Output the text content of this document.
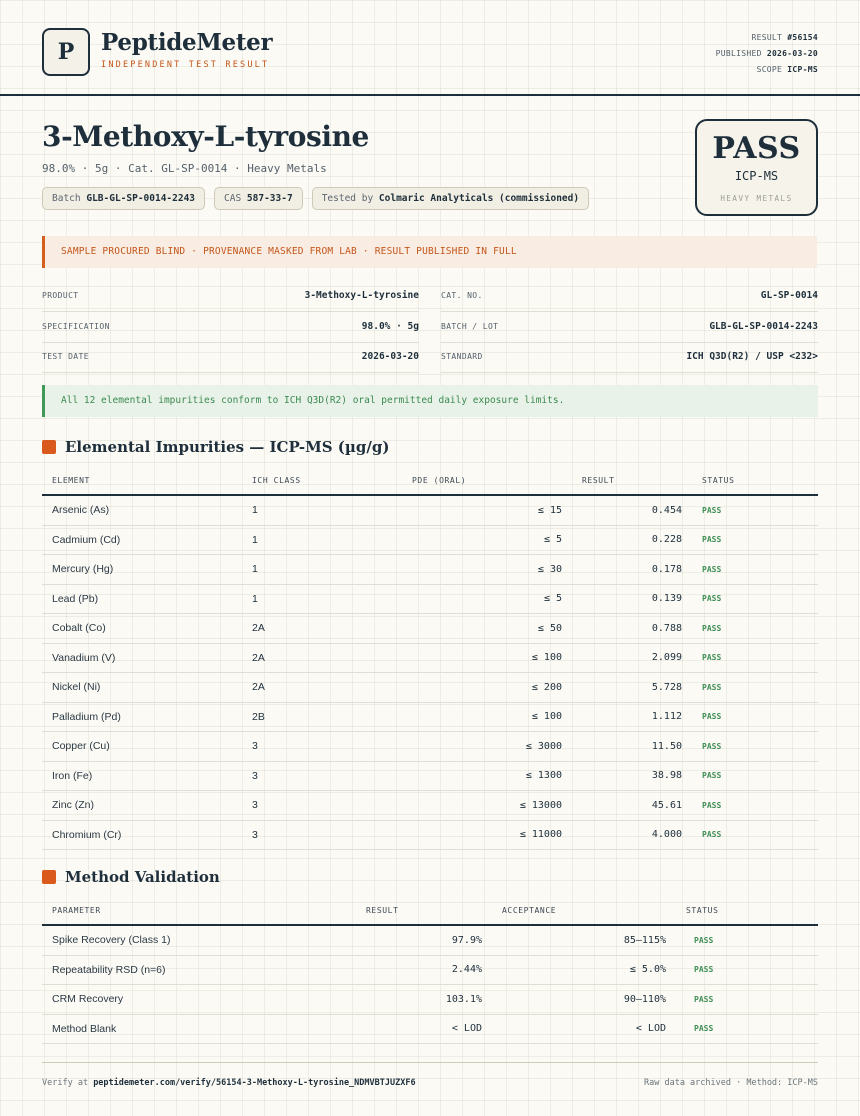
P	PeptideMeter
INDEPENDENT TEST RESULT
RESULT #56154
PUBLISHED 2026-03-20
SCOPE ICP-MS
3-Methoxy-L-tyrosine
98.0% · 5g · Cat. GL-SP-0014 · Heavy Metals
Batch GLB-GL-SP-0014-2243	CAS 587-33-7	Tested by Colmaric Analyticals (commissioned)
PASS
ICP-MS
HEAVY METALS
SAMPLE PROCURED BLIND · PROVENANCE MASKED FROM LAB · RESULT PUBLISHED IN FULL
PRODUCT	3-Methoxy-L-tyrosine
SPECIFICATION	98.0% · 5g
TEST DATE	2026-03-20
CAT. NO.	GL-SP-0014
BATCH / LOT	GLB-GL-SP-0014-2243
STANDARD	ICH Q3D(R2) / USP <232>
All 12 elemental impurities conform to ICH Q3D(R2) oral permitted daily exposure limits.
Elemental Impurities — ICP-MS (µg/g)
ELEMENT	ICH CLASS	PDE (ORAL)	RESULT	STATUS
Arsenic (As)	1	≤ 15	0.454	PASS
Cadmium (Cd)	1	≤ 5	0.228	PASS
Mercury (Hg)	1	≤ 30	0.178	PASS
Lead (Pb)	1	≤ 5	0.139	PASS
Cobalt (Co)	2A	≤ 50	0.788	PASS
Vanadium (V)	2A	≤ 100	2.099	PASS
Nickel (Ni)	2A	≤ 200	5.728	PASS
Palladium (Pd)	2B	≤ 100	1.112	PASS
Copper (Cu)	3	≤ 3000	11.50	PASS
Iron (Fe)	3	≤ 1300	38.98	PASS
Zinc (Zn)	3	≤ 13000	45.61	PASS
Chromium (Cr)	3	≤ 11000	4.000	PASS
Method Validation
PARAMETER	RESULT	ACCEPTANCE	STATUS
Spike Recovery (Class 1)	97.9%	85–115%	PASS
Repeatability RSD (n=6)	2.44%	≤ 5.0%	PASS
CRM Recovery	103.1%	90–110%	PASS
Method Blank	< LOD	< LOD	PASS
Verify at peptidemeter.com/verify/56154-3-Methoxy-L-tyrosine_NDMVBTJUZXF6	Raw data archived · Method: ICP-MS
